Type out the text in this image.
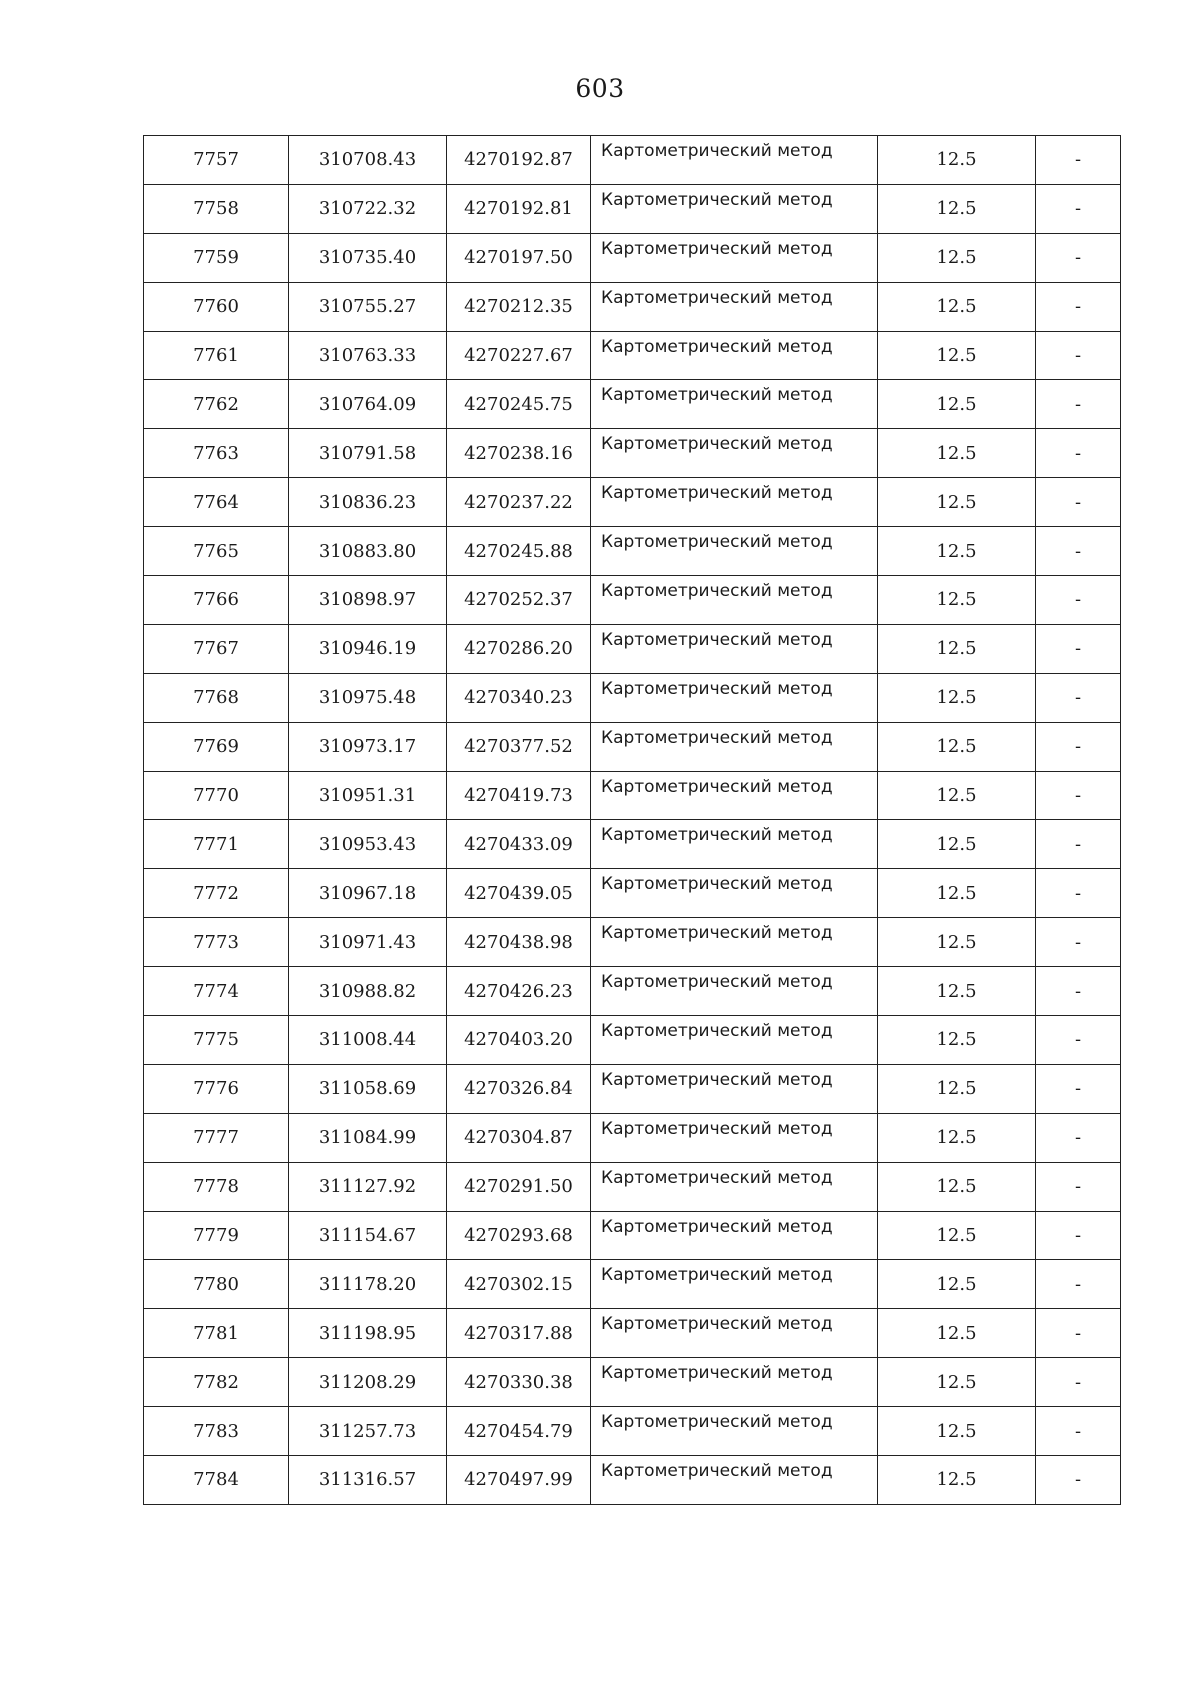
603
7757	310708.43	4270192.87	Картометрический метод	12.5	-
7758	310722.32	4270192.81	Картометрический метод	12.5	-
7759	310735.40	4270197.50	Картометрический метод	12.5	-
7760	310755.27	4270212.35	Картометрический метод	12.5	-
7761	310763.33	4270227.67	Картометрический метод	12.5	-
7762	310764.09	4270245.75	Картометрический метод	12.5	-
7763	310791.58	4270238.16	Картометрический метод	12.5	-
7764	310836.23	4270237.22	Картометрический метод	12.5	-
7765	310883.80	4270245.88	Картометрический метод	12.5	-
7766	310898.97	4270252.37	Картометрический метод	12.5	-
7767	310946.19	4270286.20	Картометрический метод	12.5	-
7768	310975.48	4270340.23	Картометрический метод	12.5	-
7769	310973.17	4270377.52	Картометрический метод	12.5	-
7770	310951.31	4270419.73	Картометрический метод	12.5	-
7771	310953.43	4270433.09	Картометрический метод	12.5	-
7772	310967.18	4270439.05	Картометрический метод	12.5	-
7773	310971.43	4270438.98	Картометрический метод	12.5	-
7774	310988.82	4270426.23	Картометрический метод	12.5	-
7775	311008.44	4270403.20	Картометрический метод	12.5	-
7776	311058.69	4270326.84	Картометрический метод	12.5	-
7777	311084.99	4270304.87	Картометрический метод	12.5	-
7778	311127.92	4270291.50	Картометрический метод	12.5	-
7779	311154.67	4270293.68	Картометрический метод	12.5	-
7780	311178.20	4270302.15	Картометрический метод	12.5	-
7781	311198.95	4270317.88	Картометрический метод	12.5	-
7782	311208.29	4270330.38	Картометрический метод	12.5	-
7783	311257.73	4270454.79	Картометрический метод	12.5	-
7784	311316.57	4270497.99	Картометрический метод	12.5	-
